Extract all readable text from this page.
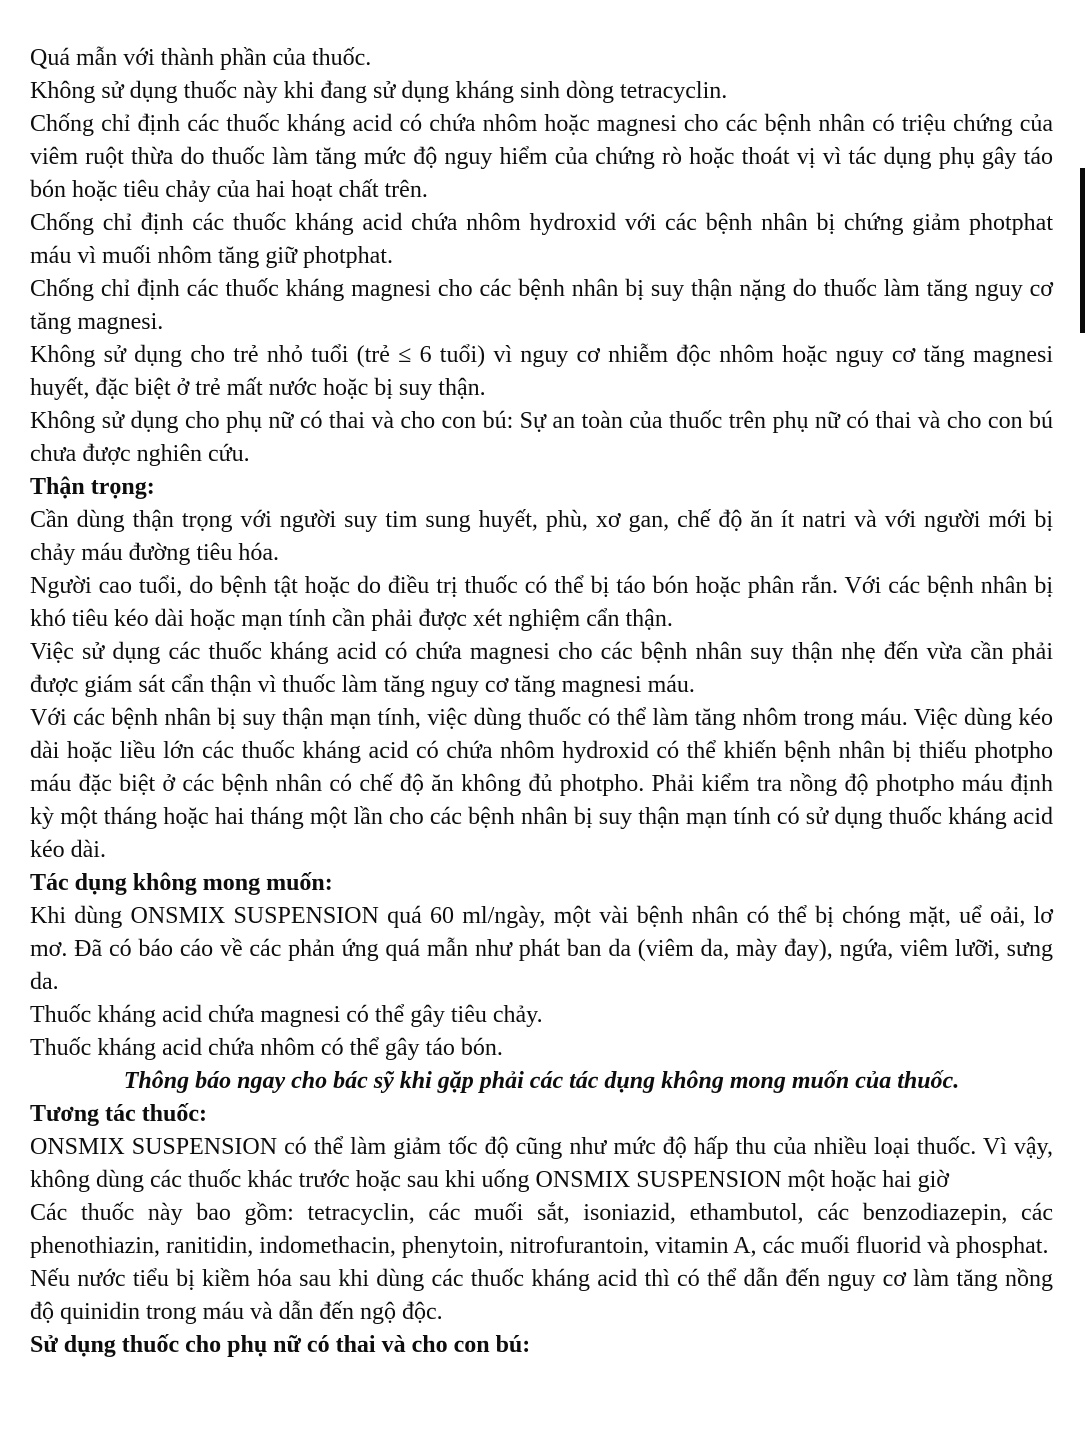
Quá mẫn với thành phần của thuốc.

Không sử dụng thuốc này khi đang sử dụng kháng sinh dòng tetracyclin.

Chống chỉ định các thuốc kháng acid có chứa nhôm hoặc magnesi cho các bệnh nhân có triệu chứng của viêm ruột thừa do thuốc làm tăng mức độ nguy hiểm của chứng rò hoặc thoát vị vì tác dụng phụ gây táo bón hoặc tiêu chảy của hai hoạt chất trên.

Chống chỉ định các thuốc kháng acid chứa nhôm hydroxid với các bệnh nhân bị chứng giảm photphat máu vì muối nhôm tăng giữ photphat.

Chống chỉ định các thuốc kháng magnesi cho các bệnh nhân bị suy thận nặng do thuốc làm tăng nguy cơ tăng magnesi.

Không sử dụng cho trẻ nhỏ tuổi (trẻ ≤ 6 tuổi) vì nguy cơ nhiễm độc nhôm hoặc nguy cơ tăng magnesi huyết, đặc biệt ở trẻ mất nước hoặc bị suy thận.

Không sử dụng cho phụ nữ có thai và cho con bú: Sự an toàn của thuốc trên phụ nữ có thai và cho con bú chưa được nghiên cứu.

Thận trọng:

Cần dùng thận trọng với người suy tim sung huyết, phù, xơ gan, chế độ ăn ít natri và với người mới bị chảy máu đường tiêu hóa.

Người cao tuổi, do bệnh tật hoặc do điều trị thuốc có thể bị táo bón hoặc phân rắn. Với các bệnh nhân bị khó tiêu kéo dài hoặc mạn tính cần phải được xét nghiệm cẩn thận.

Việc sử dụng các thuốc kháng acid có chứa magnesi cho các bệnh nhân suy thận nhẹ đến vừa cần phải được giám sát cẩn thận vì thuốc làm tăng nguy cơ tăng magnesi máu.

Với các bệnh nhân bị suy thận mạn tính, việc dùng thuốc có thể làm tăng nhôm trong máu. Việc dùng kéo dài hoặc liều lớn các thuốc kháng acid có chứa nhôm hydroxid có thể khiến bệnh nhân bị thiếu photpho máu đặc biệt ở các bệnh nhân có chế độ ăn không đủ photpho. Phải kiểm tra nồng độ photpho máu định kỳ một tháng hoặc hai tháng một lần cho các bệnh nhân bị suy thận mạn tính có sử dụng thuốc kháng acid kéo dài.

Tác dụng không mong muốn:

Khi dùng ONSMIX SUSPENSION quá 60 ml/ngày, một vài bệnh nhân có thể bị chóng mặt, uể oải, lơ mơ. Đã có báo cáo về các phản ứng quá mẫn như phát ban da (viêm da, mày đay), ngứa, viêm lưỡi, sưng da.

Thuốc kháng acid chứa magnesi có thể gây tiêu chảy.

Thuốc kháng acid chứa nhôm có thể gây táo bón.

Thông báo ngay cho bác sỹ khi gặp phải các tác dụng không mong muốn của thuốc.

Tương tác thuốc:

ONSMIX SUSPENSION có thể làm giảm tốc độ cũng như mức độ hấp thu của nhiều loại thuốc. Vì vậy, không dùng các thuốc khác trước hoặc sau khi uống ONSMIX SUSPENSION một hoặc hai giờ

Các thuốc này bao gồm: tetracyclin, các muối sắt, isoniazid, ethambutol, các benzodiazepin, các phenothiazin, ranitidin, indomethacin, phenytoin, nitrofurantoin, vitamin A, các muối fluorid và phosphat.

Nếu nước tiểu bị kiềm hóa sau khi dùng các thuốc kháng acid thì có thể dẫn đến nguy cơ làm tăng nồng độ quinidin trong máu và dẫn đến ngộ độc.

Sử dụng thuốc cho phụ nữ có thai và cho con bú:
